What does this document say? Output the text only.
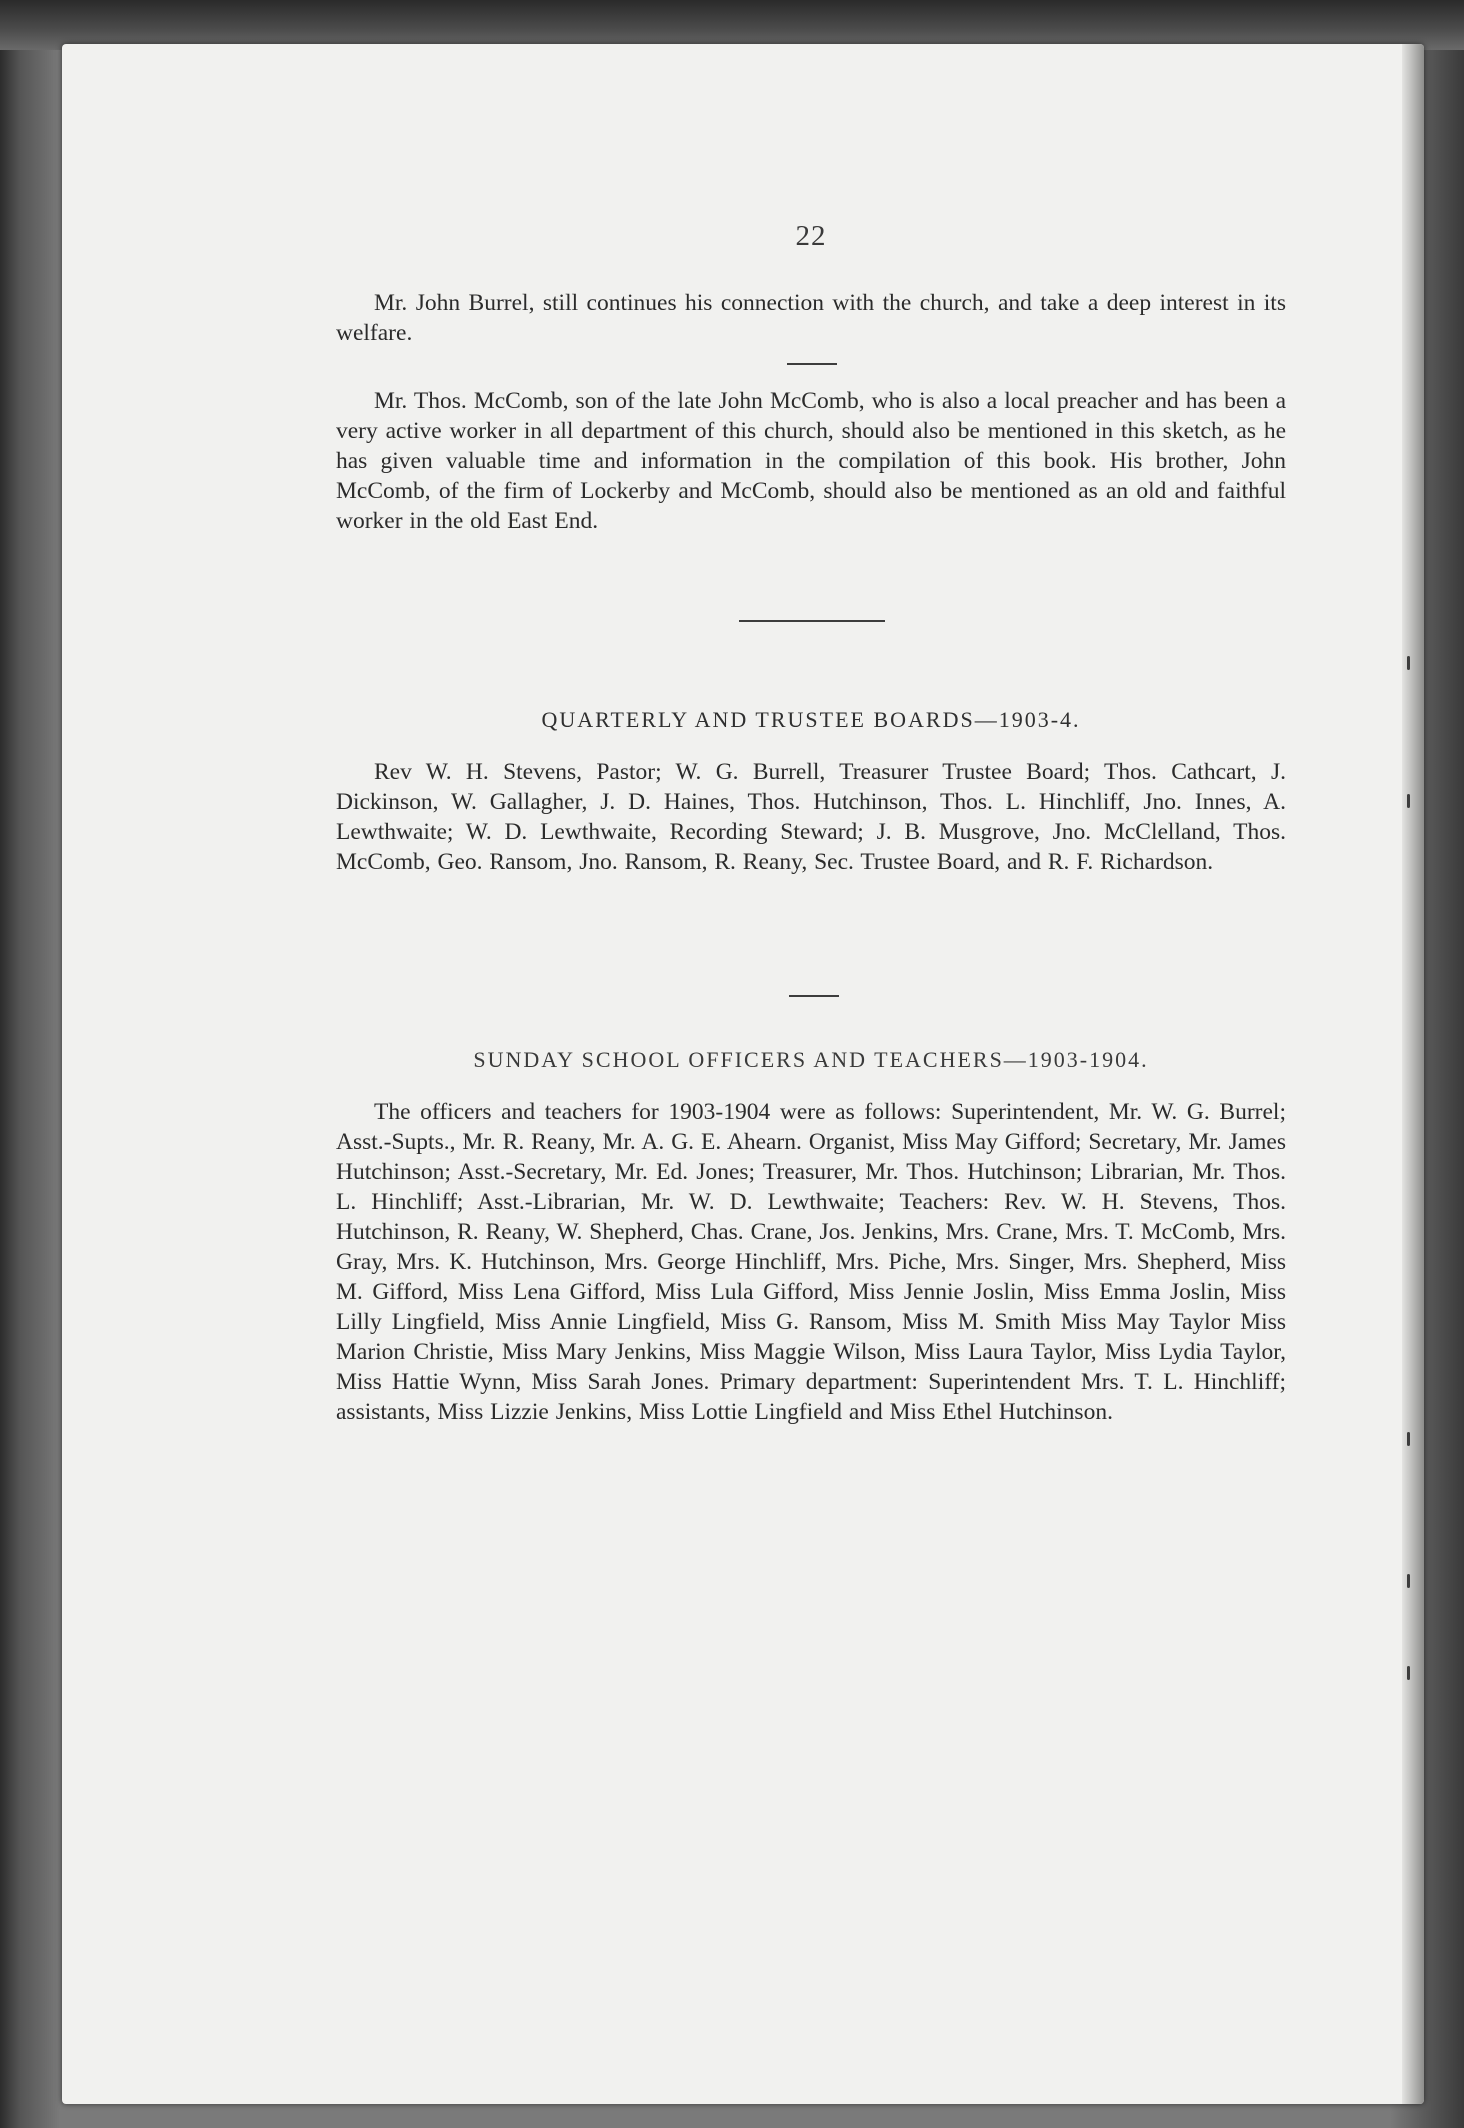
22

Mr. John Burrel, still continues his connection with the church, and take a deep interest in its welfare.

Mr. Thos. McComb, son of the late John McComb, who is also a local preacher and has been a very active worker in all department of this church, should also be mentioned in this sketch, as he has given valuable time and information in the compilation of this book. His brother, John McComb, of the firm of Lockerby and McComb, should also be mentioned as an old and faithful worker in the old East End.

QUARTERLY AND TRUSTEE BOARDS—1903-4.

Rev W. H. Stevens, Pastor; W. G. Burrell, Treasurer Trustee Board; Thos. Cathcart, J. Dickinson, W. Gallagher, J. D. Haines, Thos. Hutchinson, Thos. L. Hinchliff, Jno. Innes, A. Lewthwaite; W. D. Lewthwaite, Recording Steward; J. B. Musgrove, Jno. McClelland, Thos. McComb, Geo. Ransom, Jno. Ransom, R. Reany, Sec. Trustee Board, and R. F. Richardson.

SUNDAY SCHOOL OFFICERS AND TEACHERS—1903-1904.

The officers and teachers for 1903-1904 were as follows: Superintendent, Mr. W. G. Burrel; Asst.-Supts., Mr. R. Reany, Mr. A. G. E. Ahearn. Organist, Miss May Gifford; Secretary, Mr. James Hutchinson; Asst.-Secretary, Mr. Ed. Jones; Treasurer, Mr. Thos. Hutchinson; Librarian, Mr. Thos. L. Hinchliff; Asst.-Librarian, Mr. W. D. Lewthwaite; Teachers: Rev. W. H. Stevens, Thos. Hutchinson, R. Reany, W. Shepherd, Chas. Crane, Jos. Jenkins, Mrs. Crane, Mrs. T. McComb, Mrs. Gray, Mrs. K. Hutchinson, Mrs. George Hinchliff, Mrs. Piche, Mrs. Singer, Mrs. Shepherd, Miss M. Gifford, Miss Lena Gifford, Miss Lula Gifford, Miss Jennie Joslin, Miss Emma Joslin, Miss Lilly Lingfield, Miss Annie Lingfield, Miss G. Ransom, Miss M. Smith Miss May Taylor Miss Marion Christie, Miss Mary Jenkins, Miss Maggie Wilson, Miss Laura Taylor, Miss Lydia Taylor, Miss Hattie Wynn, Miss Sarah Jones. Primary department: Superintendent Mrs. T. L. Hinchliff; assistants, Miss Lizzie Jenkins, Miss Lottie Lingfield and Miss Ethel Hutchinson.
